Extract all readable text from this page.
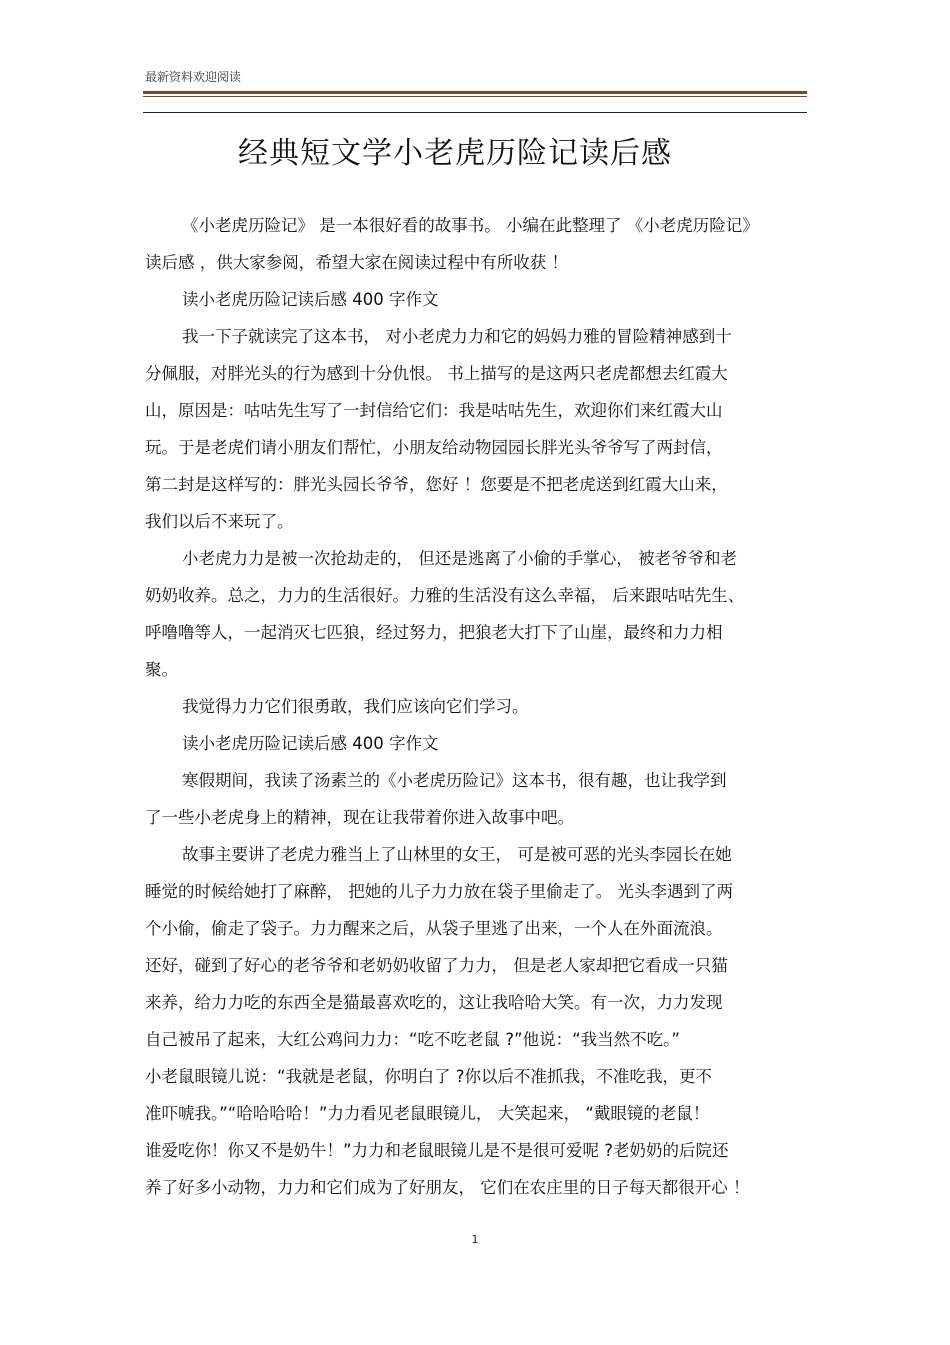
最新资料欢迎阅读
经典短文学小老虎历险记读后感
《小老虎历险记》 是一本很好看的故事书。 小编在此整理了 《小老虎历险记》
读后感 ，供大家参阅，希望大家在阅读过程中有所收获 ！
读小老虎历险记读后感 400 字作文
我一下子就读完了这本书， 对小老虎力力和它的妈妈力雅的冒险精神感到十
分佩服，对胖光头的行为感到十分仇恨。 书上描写的是这两只老虎都想去红霞大
山，原因是：咕咕先生写了一封信给它们：我是咕咕先生，欢迎你们来红霞大山
玩。于是老虎们请小朋友们帮忙，小朋友给动物园园长胖光头爷爷写了两封信，
第二封是这样写的：胖光头园长爷爷，您好 ！您要是不把老虎送到红霞大山来，
我们以后不来玩了。
小老虎力力是被一次抢劫走的， 但还是逃离了小偷的手掌心， 被老爷爷和老
奶奶收养。总之，力力的生活很好。力雅的生活没有这么幸福， 后来跟咕咕先生、
呼噜噜等人，一起消灭七匹狼，经过努力，把狼老大打下了山崖，最终和力力相
聚。
我觉得力力它们很勇敢，我们应该向它们学习。
读小老虎历险记读后感 400 字作文
寒假期间，我读了汤素兰的《小老虎历险记》这本书，很有趣，也让我学到
了一些小老虎身上的精神，现在让我带着你进入故事中吧。
故事主要讲了老虎力雅当上了山林里的女王， 可是被可恶的光头李园长在她
睡觉的时候给她打了麻醉， 把她的儿子力力放在袋子里偷走了。 光头李遇到了两
个小偷，偷走了袋子。力力醒来之后，从袋子里逃了出来，一个人在外面流浪。
还好，碰到了好心的老爷爷和老奶奶收留了力力， 但是老人家却把它看成一只猫
来养，给力力吃的东西全是猫最喜欢吃的，这让我哈哈大笑。有一次，力力发现
自己被吊了起来，大红公鸡问力力：“吃不吃老鼠 ?”他说：“我当然不吃。”
小老鼠眼镜儿说：“我就是老鼠，你明白了 ?你以后不准抓我，不准吃我，更不
准吓唬我。”“哈哈哈哈！”力力看见老鼠眼镜儿， 大笑起来， “戴眼镜的老鼠！
谁爱吃你！你又不是奶牛！”力力和老鼠眼镜儿是不是很可爱呢 ?老奶奶的后院还
养了好多小动物，力力和它们成为了好朋友， 它们在农庄里的日子每天都很开心 ！
1
